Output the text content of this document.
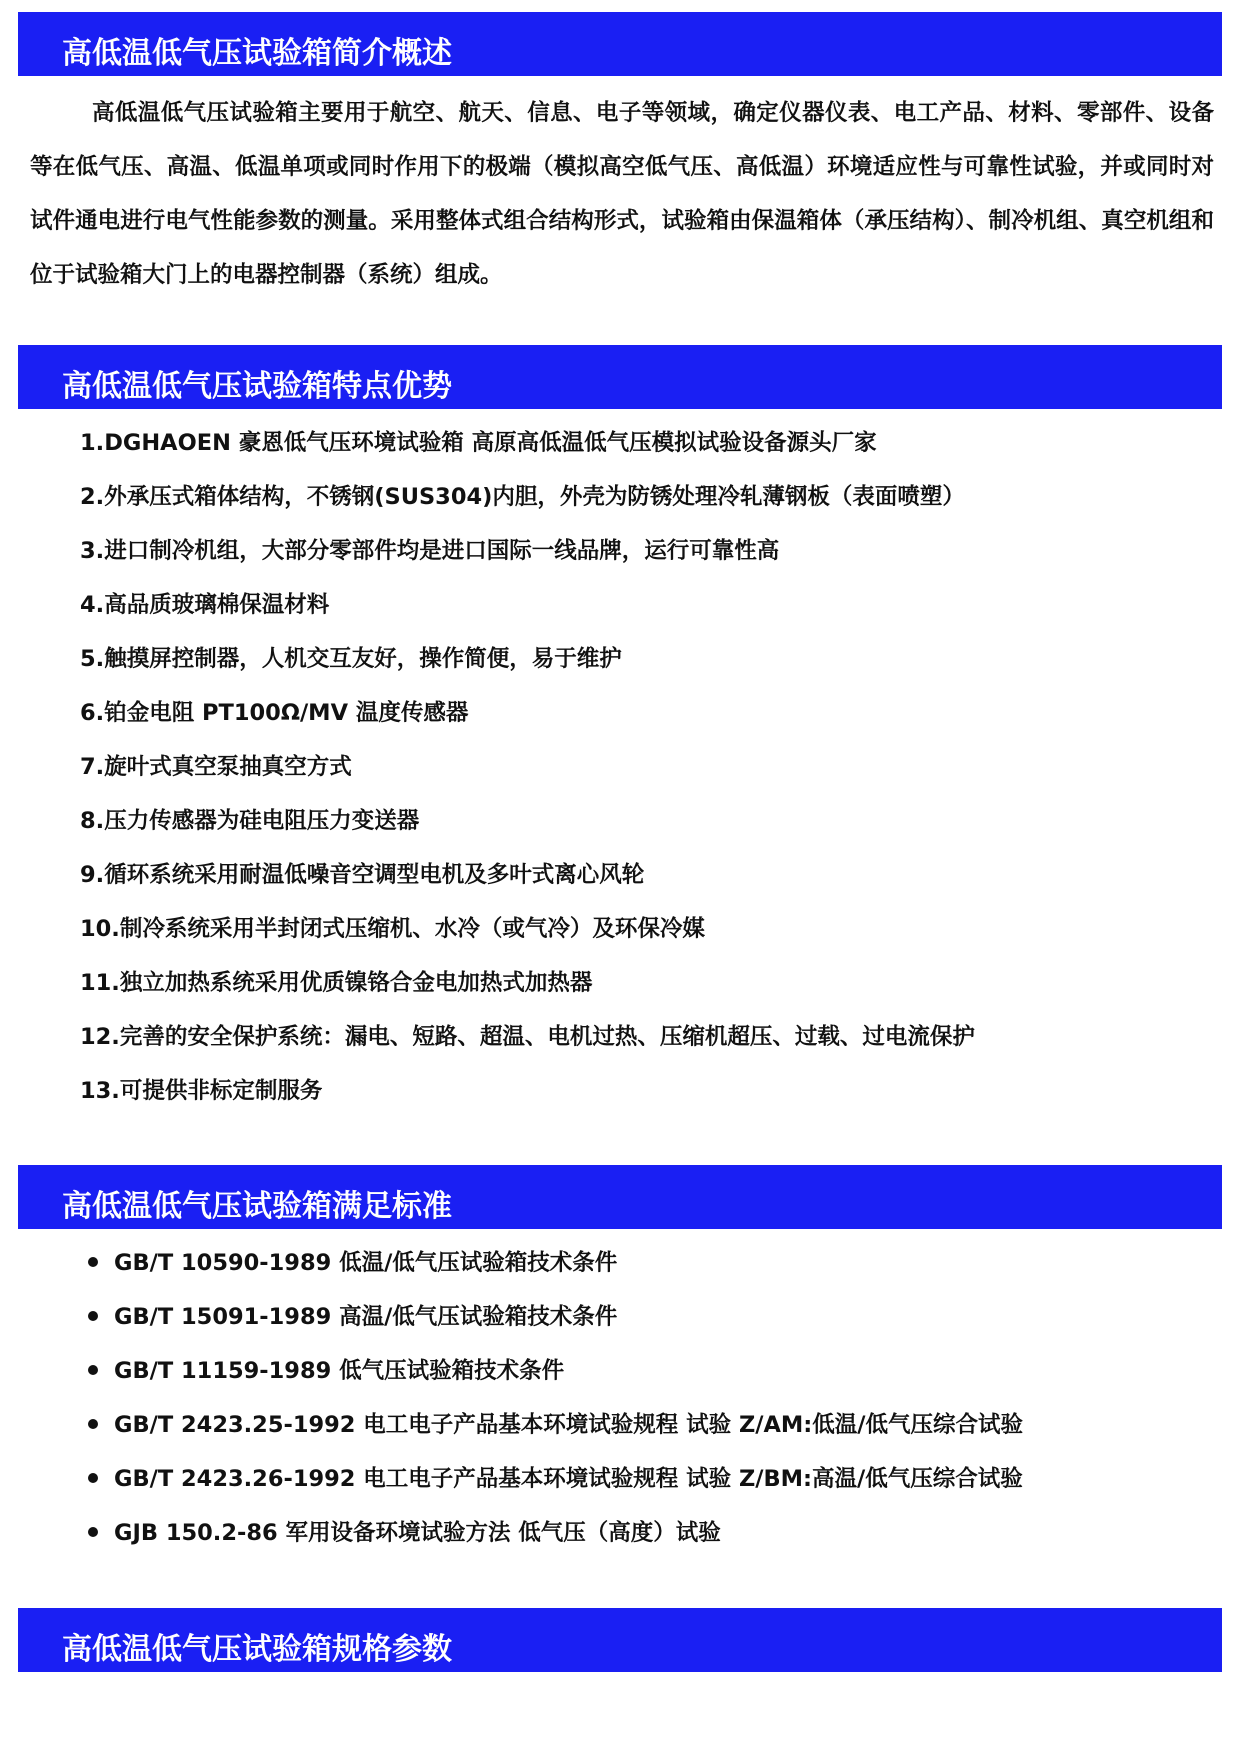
高低温低气压试验箱简介概述

高低温低气压试验箱主要用于航空、航天、信息、电子等领域，确定仪器仪表、电工产品、材料、零部件、设备等在低气压、高温、低温单项或同时作用下的极端（模拟高空低气压、高低温）环境适应性与可靠性试验，并或同时对试件通电进行电气性能参数的测量。采用整体式组合结构形式，试验箱由保温箱体（承压结构）、制冷机组、真空机组和位于试验箱大门上的电器控制器（系统）组成。

高低温低气压试验箱特点优势
1.DGHAOEN 豪恩低气压环境试验箱 高原高低温低气压模拟试验设备源头厂家
2.外承压式箱体结构，不锈钢(SUS304)内胆，外壳为防锈处理冷轧薄钢板（表面喷塑）
3.进口制冷机组，大部分零部件均是进口国际一线品牌，运行可靠性高
4.高品质玻璃棉保温材料
5.触摸屏控制器，人机交互友好，操作简便，易于维护
6.铂金电阻 PT100Ω/MV 温度传感器
7.旋叶式真空泵抽真空方式
8.压力传感器为硅电阻压力变送器
9.循环系统采用耐温低噪音空调型电机及多叶式离心风轮
10.制冷系统采用半封闭式压缩机、水冷（或气冷）及环保冷媒
11.独立加热系统采用优质镍铬合金电加热式加热器
12.完善的安全保护系统：漏电、短路、超温、电机过热、压缩机超压、过载、过电流保护
13.可提供非标定制服务
高低温低气压试验箱满足标准
GB/T 10590-1989 低温/低气压试验箱技术条件
GB/T 15091-1989 高温/低气压试验箱技术条件
GB/T 11159-1989 低气压试验箱技术条件
GB/T 2423.25-1992 电工电子产品基本环境试验规程 试验 Z/AM:低温/低气压综合试验
GB/T 2423.26-1992 电工电子产品基本环境试验规程 试验 Z/BM:高温/低气压综合试验
GJB 150.2-86 军用设备环境试验方法 低气压（高度）试验
高低温低气压试验箱规格参数
